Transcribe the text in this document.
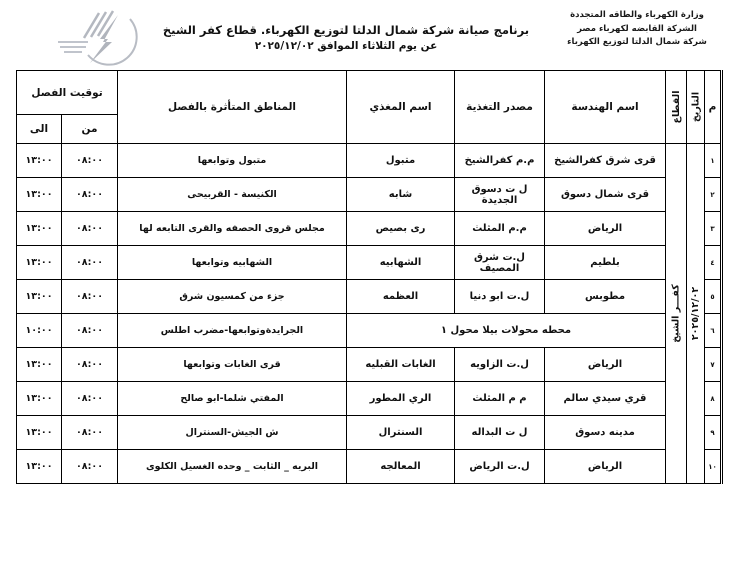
وزارة الكهرباء والطاقه المتجددة
الشركة القابضه لكهرباء مصر
شركة شمال الدلتا لتوزيع الكهرباء
برنامج صيانة شركة شمال الدلتا لتوزيع الكهرباء. قطاع كفر الشيخ
عن يوم الثلاثاء الموافق ٢٠٢٥/١٢/٠٢
م	التاريخ	القطاع	اسم الهندسة	مصدر التغذية	اسم المغذي	المناطق المتأثرة بالفصل	توقيت الفصل	
							من	الى
١	٢٠٢٥/١٢/٠٢	كفـــر الشيخ	قرى شرق كفرالشيخ	م.م كفرالشيخ	متبول	متبول وتوابعها	٠٨:٠٠	١٣:٠٠
٢			قرى شمال دسوق	ل ت دسوق الجديدة	شابه	الكنيسة - القربيحى	٠٨:٠٠	١٣:٠٠
٣			الرياض	م.م المثلث	رى بصيص	مجلس قروى الحصفه والقرى التابعه لها	٠٨:٠٠	١٣:٠٠
٤			بلطيم	ل.ت شرق المصيف	الشهابيه	الشهابيه وتوابعها	٠٨:٠٠	١٣:٠٠
٥			مطوبس	ل.ت ابو دنيا	العظمه	جزء من كمسيون شرق	٠٨:٠٠	١٣:٠٠
٦			محطه محولات بيلا محول ١			الجرايدةوتوابعها-مضرب اطلس	٠٨:٠٠	١٠:٠٠
٧			الرياض	ل.ت الزاويه	الغابات القبليه	قرى الغابات وتوابعها	٠٨:٠٠	١٣:٠٠
٨			قري سيدي سالم	م م المثلث	الري المطور	المفتي شلما-ابو صالح	٠٨:٠٠	١٣:٠٠
٩			مدينه دسوق	ل ت البداله	السنترال	ش الجيش-السنترال	٠٨:٠٠	١٣:٠٠
١٠			الرياض	ل.ت الرياض	المعالجه	البريه _ الثابت _ وحده الغسيل الكلوى	٠٨:٠٠	١٣:٠٠
